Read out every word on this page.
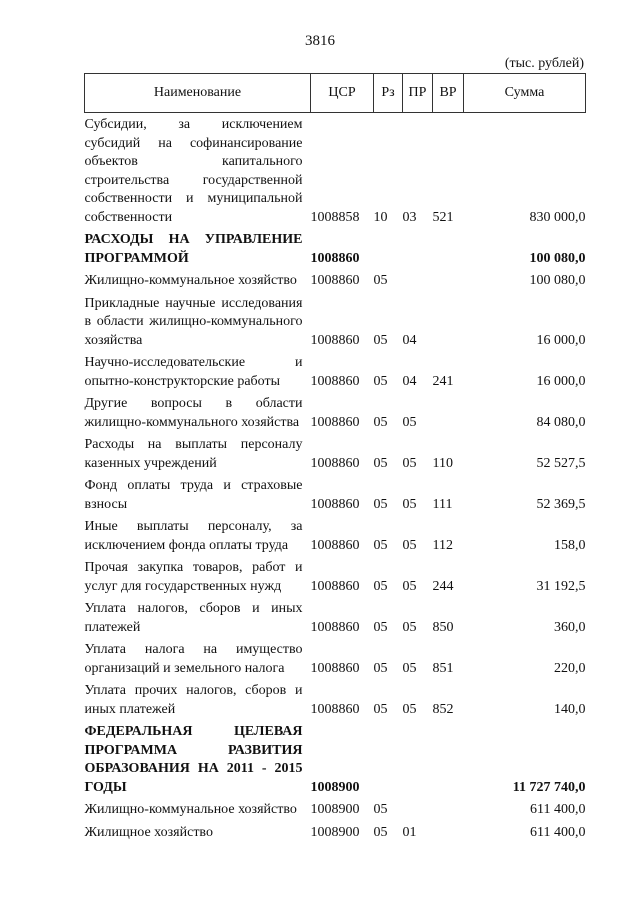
3816
(тыс. рублей)
Наименование	ЦСР	Рз	ПР	ВР	Сумма
Субсидии, за исключением субсидий на софинансирование объектов капитального строительства государственной собственности и муниципальной собственности	1008858	10	03	521	830 000,0
РАСХОДЫ НА УПРАВЛЕНИЕ ПРОГРАММОЙ	1008860				100 080,0
Жилищно-коммунальное хозяйство	1008860	05			100 080,0
Прикладные научные исследования в области жилищно-коммунального хозяйства	1008860	05	04		16 000,0
Научно-исследовательские и опытно-конструкторские работы	1008860	05	04	241	16 000,0
Другие вопросы в области жилищно-коммунального хозяйства	1008860	05	05		84 080,0
Расходы на выплаты персоналу казенных учреждений	1008860	05	05	110	52 527,5
Фонд оплаты труда и страховые взносы	1008860	05	05	111	52 369,5
Иные выплаты персоналу, за исключением фонда оплаты труда	1008860	05	05	112	158,0
Прочая закупка товаров, работ и услуг для государственных нужд	1008860	05	05	244	31 192,5
Уплата налогов, сборов и иных платежей	1008860	05	05	850	360,0
Уплата налога на имущество организаций и земельного налога	1008860	05	05	851	220,0
Уплата прочих налогов, сборов и иных платежей	1008860	05	05	852	140,0
ФЕДЕРАЛЬНАЯ ЦЕЛЕВАЯ ПРОГРАММА РАЗВИТИЯ ОБРАЗОВАНИЯ НА 2011 - 2015 ГОДЫ	1008900				11 727 740,0
Жилищно-коммунальное хозяйство	1008900	05			611 400,0
Жилищное хозяйство	1008900	05	01		611 400,0
